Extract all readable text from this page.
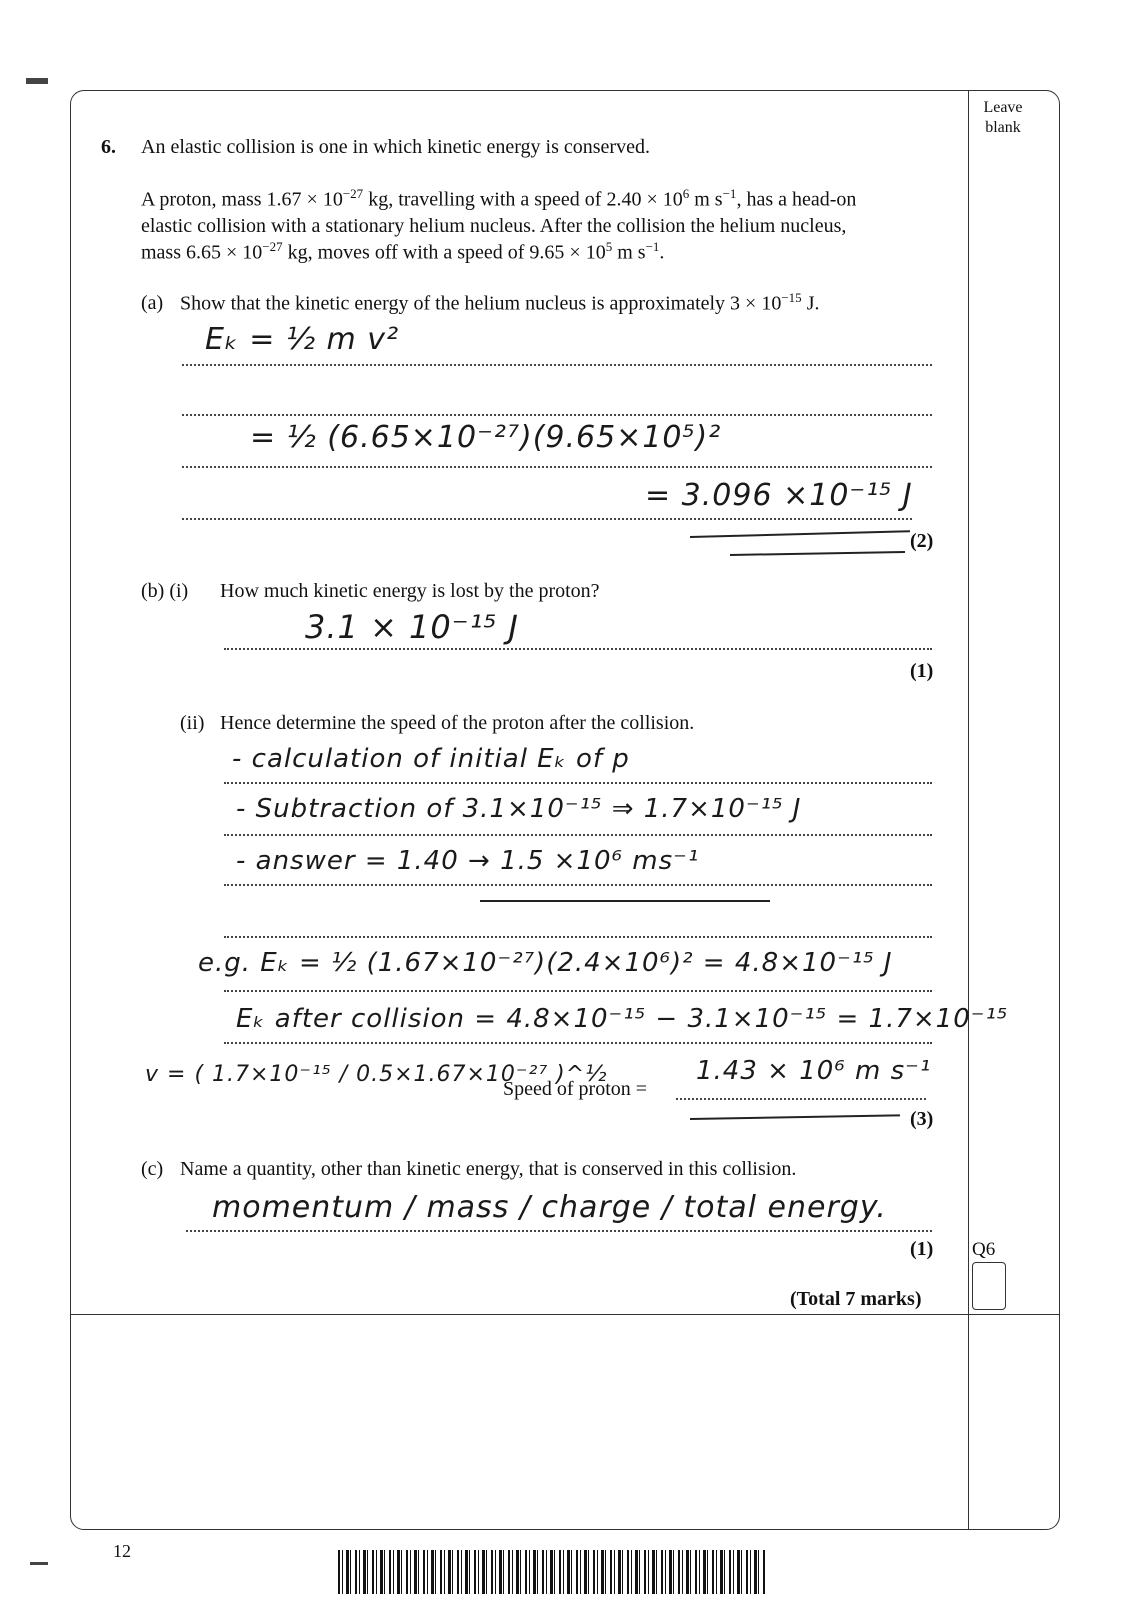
Leave
blank
6. An elastic collision is one in which kinetic energy is conserved.
A proton, mass $1.67 \times 10^{-27}$ kg, travelling with a speed of $2.40 \times 10^6$ m $s^{-1}$, has a head-on
elastic collision with a stationary helium nucleus. After the collision the helium nucleus,
mass $6.65 \times 10^{-27}$ kg, moves off with a speed of $9.65 \times 10^5$ m $s^{-1}$.
(a) Show that the kinetic energy of the helium nucleus is approximately $3 \times 10^{-15}$ J.
Eₖ = ½ m v²
= ½ (6.65×10⁻²⁷)(9.65×10⁵)²
= 3.096 ×10⁻¹⁵ J
(2)
(b) (i) How much kinetic energy is lost by the proton?
3.1 × 10⁻¹⁵ J
(1)
(ii) Hence determine the speed of the proton after the collision.
- calculation of initial Eₖ of p
- Subtraction of 3.1×10⁻¹⁵ ⇒ 1.7×10⁻¹⁵ J
- answer = 1.40 → 1.5 ×10⁶ ms⁻¹
e.g. Eₖ = ½ (1.67×10⁻²⁷)(2.4×10⁶)² = 4.8×10⁻¹⁵ J
Eₖ after collision = 4.8×10⁻¹⁵ − 3.1×10⁻¹⁵ = 1.7×10⁻¹⁵
v = ( 1.7×10⁻¹⁵ / 0.5×1.67×10⁻²⁷ )^½
Speed of proton =
1.43 × 10⁶ m s⁻¹
(3)
(c) Name a quantity, other than kinetic energy, that is conserved in this collision.
momentum / mass / charge / total energy.
(1) Q6
(Total 7 marks)
12
